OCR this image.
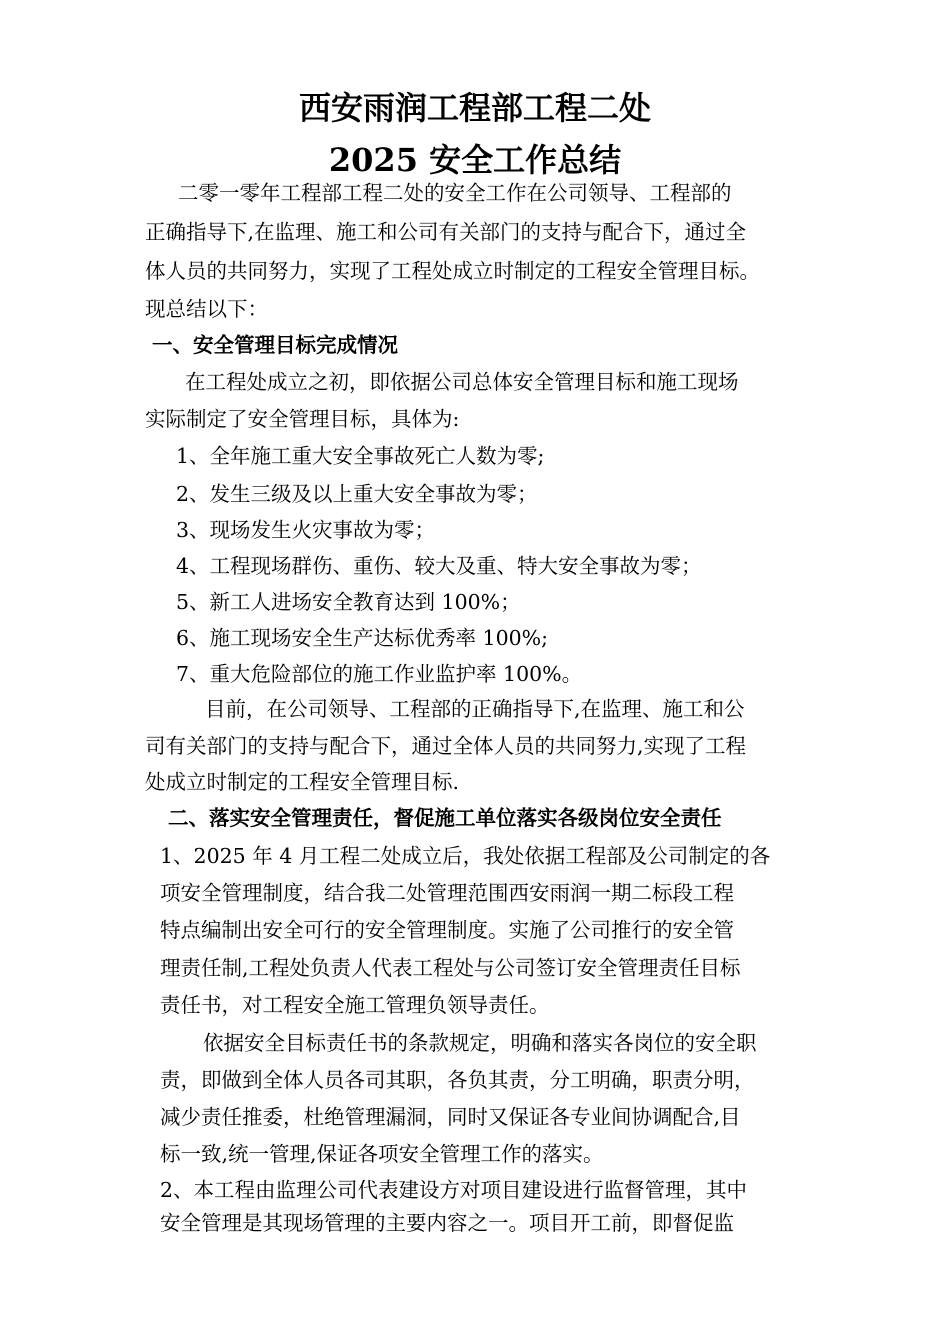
西安雨润工程部工程二处
2025 安全工作总结
二零一零年工程部工程二处的安全工作在公司领导、工程部的
正确指导下,在监理、施工和公司有关部门的支持与配合下，通过全
体人员的共同努力，实现了工程处成立时制定的工程安全管理目标。
现总结以下：
一、安全管理目标完成情况
在工程处成立之初，即依据公司总体安全管理目标和施工现场
实际制定了安全管理目标，具体为:
1、全年施工重大安全事故死亡人数为零;
2、发生三级及以上重大安全事故为零；
3、现场发生火灾事故为零；
4、工程现场群伤、重伤、较大及重、特大安全事故为零；
5、新工人进场安全教育达到 100%；
6、施工现场安全生产达标优秀率 100%;
7、重大危险部位的施工作业监护率 100%。
目前，在公司领导、工程部的正确指导下,在监理、施工和公
司有关部门的支持与配合下，通过全体人员的共同努力,实现了工程
处成立时制定的工程安全管理目标.
二、落实安全管理责任，督促施工单位落实各级岗位安全责任
1、2025 年 4 月工程二处成立后，我处依据工程部及公司制定的各
项安全管理制度，结合我二处管理范围西安雨润一期二标段工程
特点编制出安全可行的安全管理制度。实施了公司推行的安全管
理责任制,工程处负责人代表工程处与公司签订安全管理责任目标
责任书，对工程安全施工管理负领导责任。
依据安全目标责任书的条款规定，明确和落实各岗位的安全职
责，即做到全体人员各司其职，各负其责，分工明确，职责分明，
减少责任推委，杜绝管理漏洞，同时又保证各专业间协调配合,目
标一致,统一管理,保证各项安全管理工作的落实。
2、本工程由监理公司代表建设方对项目建设进行监督管理，其中
安全管理是其现场管理的主要内容之一。项目开工前，即督促监
